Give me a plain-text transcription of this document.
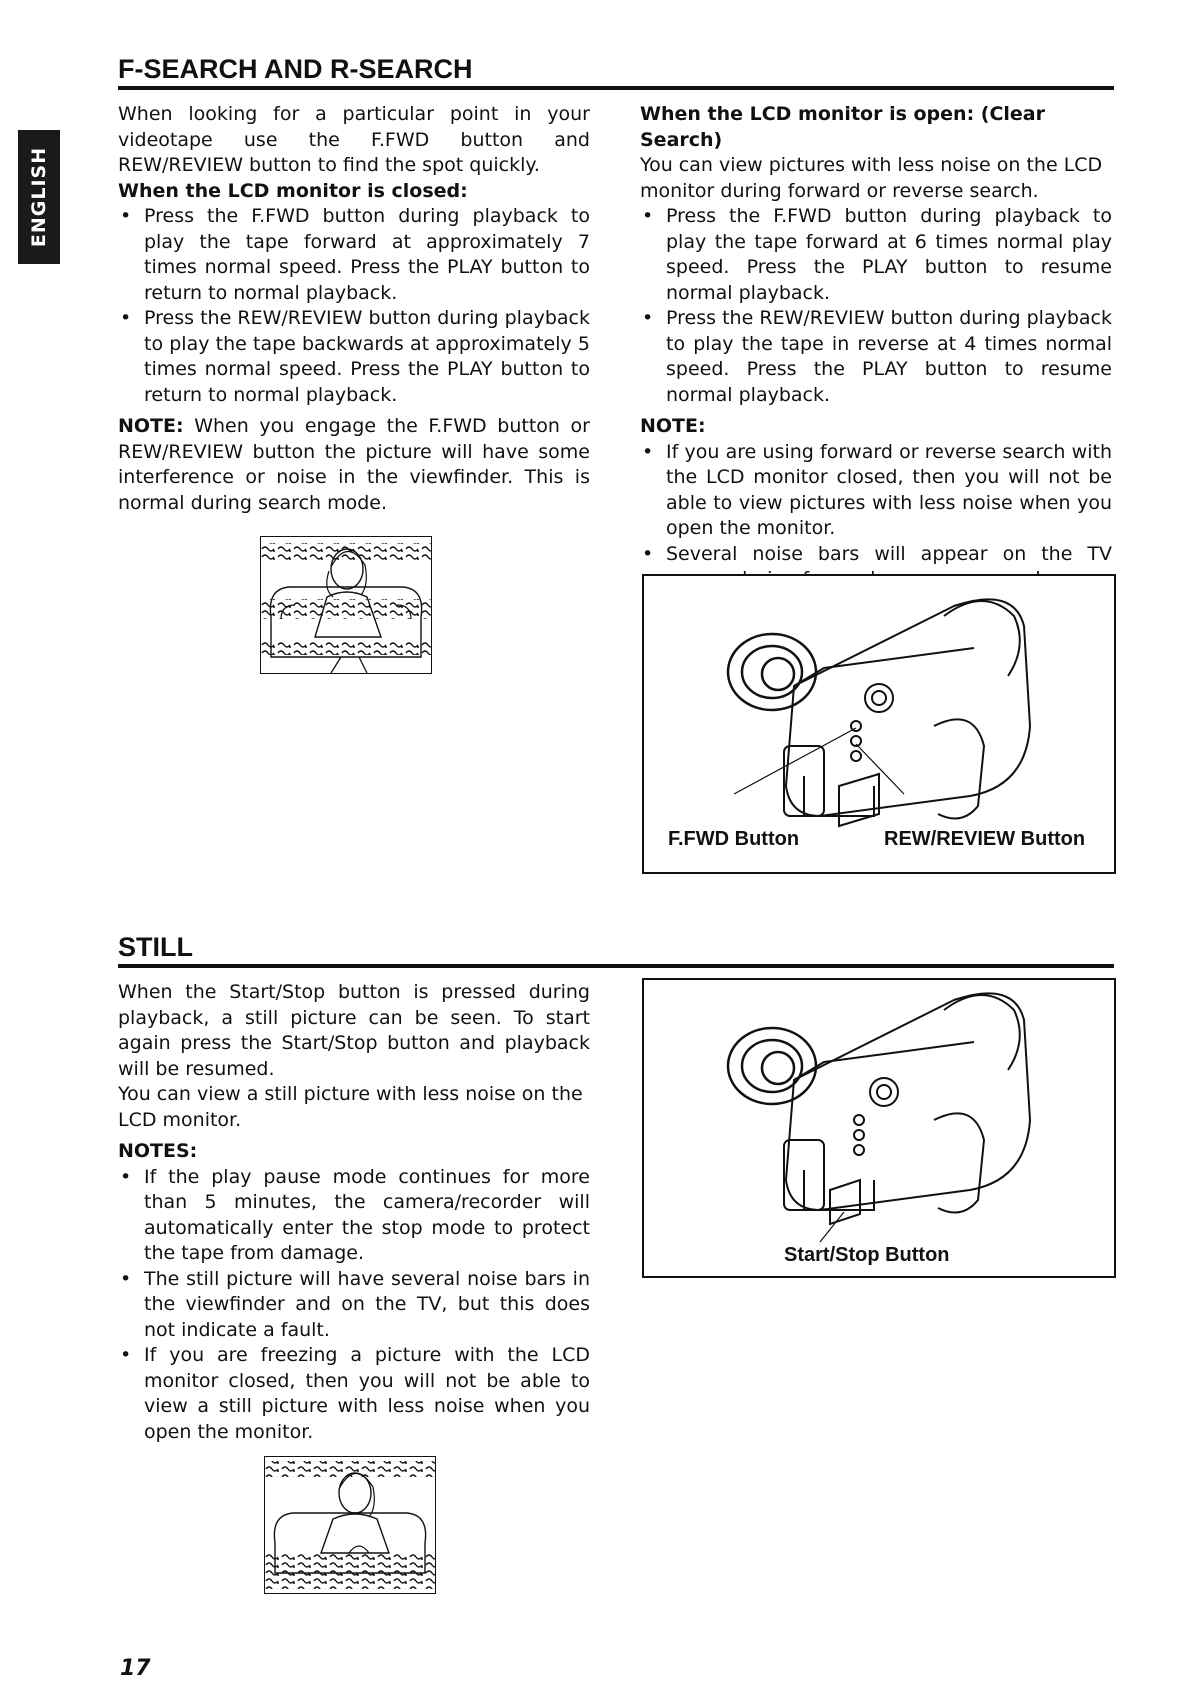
ENGLISH
F-SEARCH AND R-SEARCH

When looking for a particular point in your videotape use the F.FWD button and REW/REVIEW button to find the spot quickly.

When the LCD monitor is closed:

• Press the F.FWD button during playback to play the tape forward at approximately 7 times normal speed. Press the PLAY button to return to normal playback.
• Press the REW/REVIEW button during playback to play the tape backwards at approximately 5 times normal speed. Press the PLAY button to return to normal playback.

NOTE: When you engage the F.FWD button or REW/REVIEW button the picture will have some interference or noise in the viewfinder. This is normal during search mode.

When the LCD monitor is open: (Clear Search)

You can view pictures with less noise on the LCD monitor during forward or reverse search.

• Press the F.FWD button during playback to play the tape forward at 6 times normal play speed. Press the PLAY button to resume normal playback.
• Press the REW/REVIEW button during playback to play the tape in reverse at 4 times normal speed. Press the PLAY button to resume normal playback.

NOTE:

• If you are using forward or reverse search with the LCD monitor closed, then you will not be able to view pictures with less noise when you open the monitor.
• Several noise bars will appear on the TV
F.FWD Button	REW/REVIEW Button
STILL

When the Start/Stop button is pressed during playback, a still picture can be seen. To start again press the Start/Stop button and playback will be resumed.

You can view a still picture with less noise on the LCD monitor.

NOTES:

• If the play pause mode continues for more than 5 minutes, the camera/recorder will automatically enter the stop mode to protect the tape from damage.
• The still picture will have several noise bars in the viewfinder and on the TV, but this does not indicate a fault.
• If you are freezing a picture with the LCD monitor closed, then you will not be able to view a still picture with less noise when you open the monitor.
Start/Stop Button
17
